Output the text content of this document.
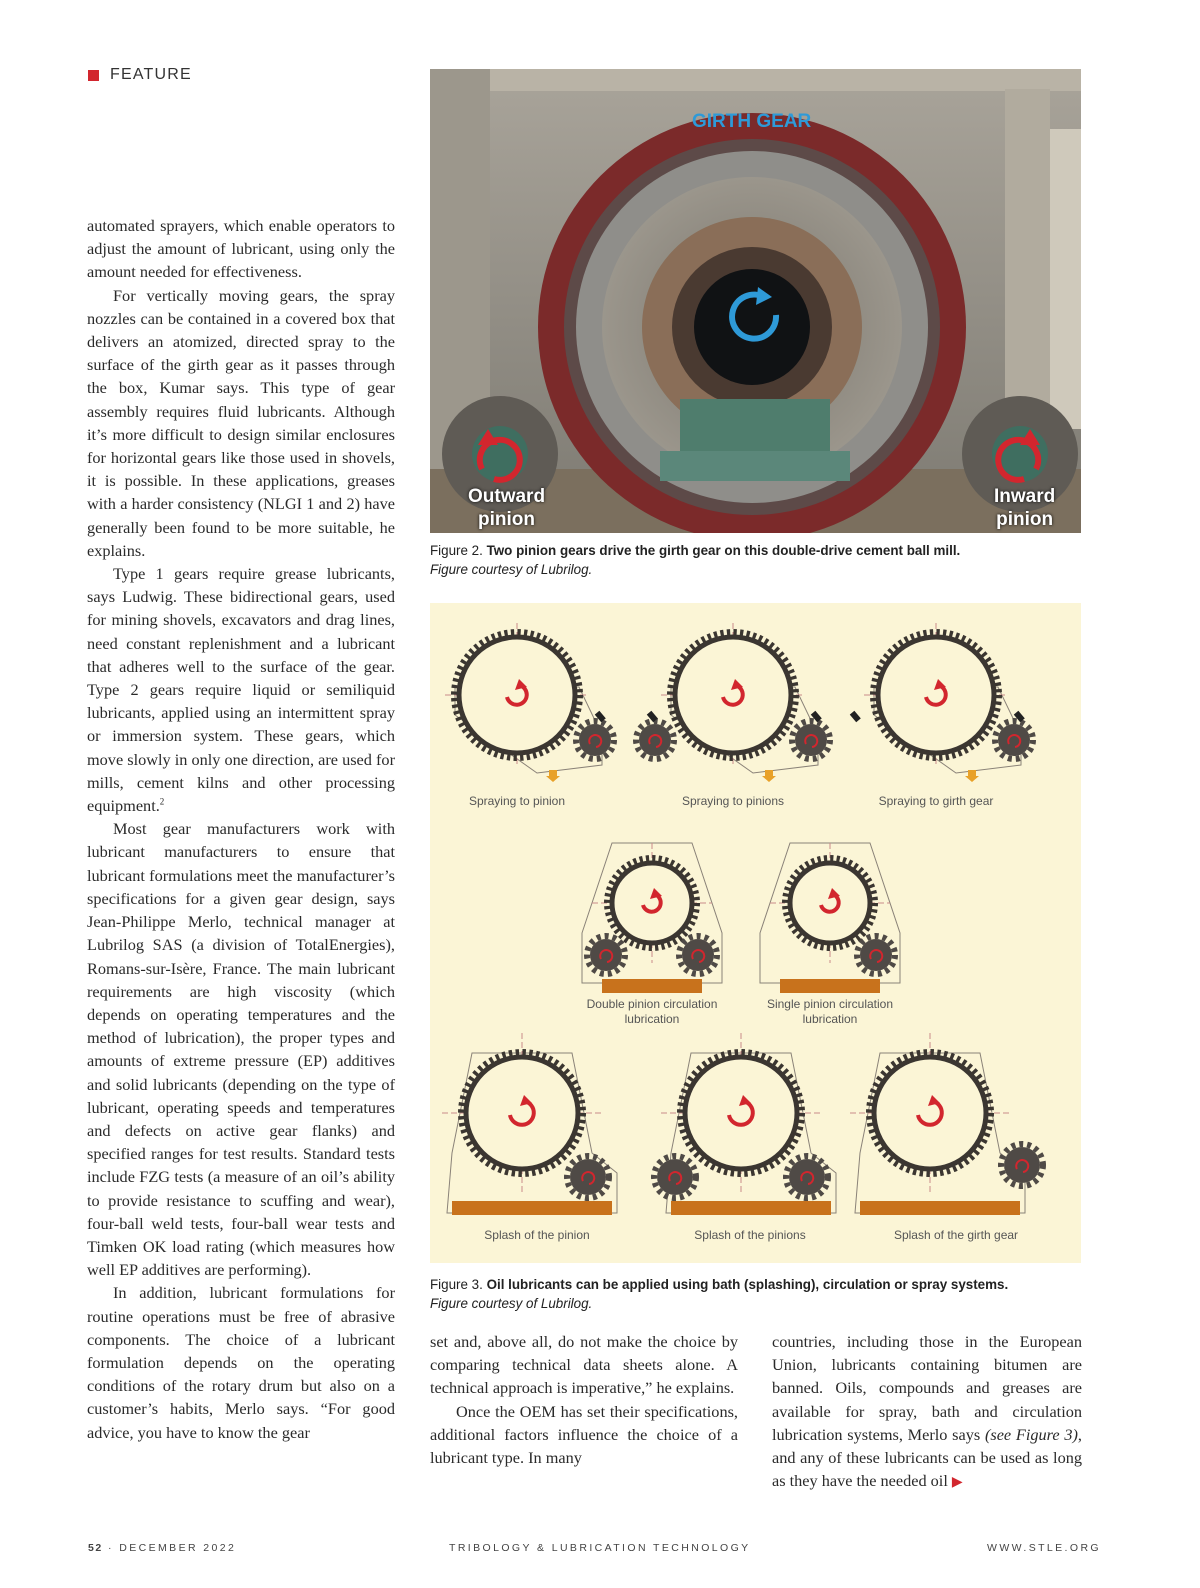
FEATURE

automated sprayers, which enable operators to adjust the amount of lubricant, using only the amount needed for effectiveness.

For vertically moving gears, the spray nozzles can be contained in a covered box that delivers an atomized, directed spray to the surface of the girth gear as it passes through the box, Kumar says. This type of gear assembly requires fluid lubricants. Although it’s more difficult to design similar enclosures for horizontal gears like those used in shovels, it is possible. In these applications, greases with a harder consistency (NLGI 1 and 2) have generally been found to be more suitable, he explains.

Type 1 gears require grease lubricants, says Ludwig. These bidirectional gears, used for mining shovels, excavators and drag lines, need constant replenishment and a lubricant that adheres well to the surface of the gear. Type 2 gears require liquid or semiliquid lubricants, applied using an intermittent spray or immersion system. These gears, which move slowly in only one direction, are used for mills, cement kilns and other processing equipment.$^2$

Most gear manufacturers work with lubricant manufacturers to ensure that lubricant formulations meet the manufacturer’s specifications for a given gear design, says Jean-Philippe Merlo, technical manager at Lubrilog SAS (a division of TotalEnergies), Romans-sur-Isère, France. The main lubricant requirements are high viscosity (which depends on operating temperatures and the method of lubrication), the proper types and amounts of extreme pressure (EP) additives and solid lubricants (depending on the type of lubricant, operating speeds and temperatures and defects on active gear flanks) and specified ranges for test results. Standard tests include FZG tests (a measure of an oil’s ability to provide resistance to scuffing and wear), four-ball weld tests, four-ball wear tests and Timken OK load rating (which measures how well EP additives are performing).

In addition, lubricant formulations for routine operations must be free of abrasive components. The choice of a lubricant formulation depends on the operating conditions of the rotary drum but also on a customer’s habits, Merlo says. “For good advice, you have to know the gear

GIRTH GEAR
Outward
pinion
Inward
pinion
Figure 2. Two pinion gears drive the girth gear on this double-drive cement ball mill.
Figure courtesy of Lubrilog.
Spraying to pinion	Spraying to pinions	Spraying to girth gear
Double pinion circulation
lubrication
Single pinion circulation
lubrication
Splash of the pinion	Splash of the pinions	Splash of the girth gear
Figure 3. Oil lubricants can be applied using bath (splashing), circulation or spray systems.
Figure courtesy of Lubrilog.

set and, above all, do not make the choice by comparing technical data sheets alone. A technical approach is imperative,” he explains.

Once the OEM has set their specifications, additional factors influence the choice of a lubricant type. In many

countries, including those in the European Union, lubricants containing bitumen are banned. Oils, compounds and greases are available for spray, bath and circulation lubrication systems, Merlo says (see Figure 3), and any of these lubricants can be used as long as they have the needed oil ▶

52 · DECEMBER 2022	TRIBOLOGY & LUBRICATION TECHNOLOGY	WWW.STLE.ORG
